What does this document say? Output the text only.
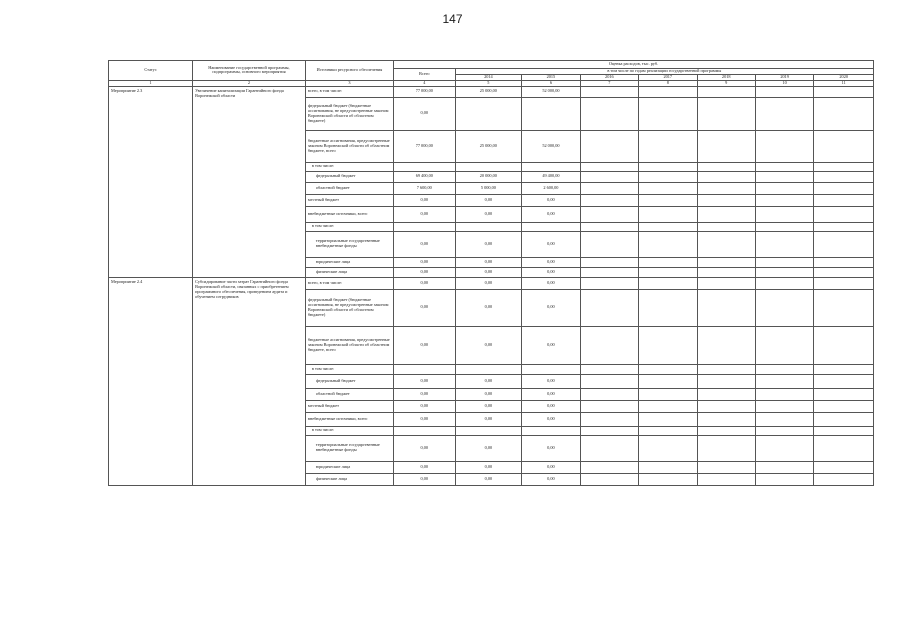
147
Статус	Наименование государственной программы, подпрограммы, основного мероприятия	Источники ресурсного обеспечения	Оценка расходов, тыс. руб.							
			Всего	в том числе по годам реализации государственной программы						
				2014	2015	2016	2017	2018	2019	2020
1	2	3	4	5	6	7	8	9	10	11
Мероприятие 2.3	Увеличение капитализации Гарантийного фонда Воронежской области	всего, в том числе:	77 000,00	25 000,00	52 000,00					
		федеральный бюджет (бюджетные ассигнования, не предусмотренные законом Воронежской области об областном бюджете)	0,00							
		бюджетные ассигнования, предусмотренные законом Воронежской области об областном бюджете, всего	77 000,00	25 000,00	52 000,00					
		в том числе:								
		федеральный бюджет	69 400,00	20 000,00	49 400,00					
		областной бюджет	7 600,00	5 000,00	2 600,00					
		местный бюджет	0,00	0,00	0,00					
		внебюджетные источники, всего	0,00	0,00	0,00					
		в том числе:								
		территориальные государственные внебюджетные фонды	0,00	0,00	0,00					
		юридические лица	0,00	0,00	0,00					
		физические лица	0,00	0,00	0,00					
Мероприятие 2.4	Субсидирование части затрат Гарантийного фонда Воронежской области, связанных с приобретением программного обеспечения, проведением аудита и обучением сотрудников	всего, в том числе:	0,00	0,00	0,00					
		федеральный бюджет (бюджетные ассигнования, не предусмотренные законом Воронежской области об областном бюджете)	0,00	0,00	0,00					
		бюджетные ассигнования, предусмотренные законом Воронежской области об областном бюджете, всего	0,00	0,00	0,00					
		в том числе:								
		федеральный бюджет	0,00	0,00	0,00					
		областной бюджет	0,00	0,00	0,00					
		местный бюджет	0,00	0,00	0,00					
		внебюджетные источники, всего	0,00	0,00	0,00					
		в том числе:								
		территориальные государственные внебюджетные фонды	0,00	0,00	0,00					
		юридические лица	0,00	0,00	0,00					
		физические лица	0,00	0,00	0,00					
